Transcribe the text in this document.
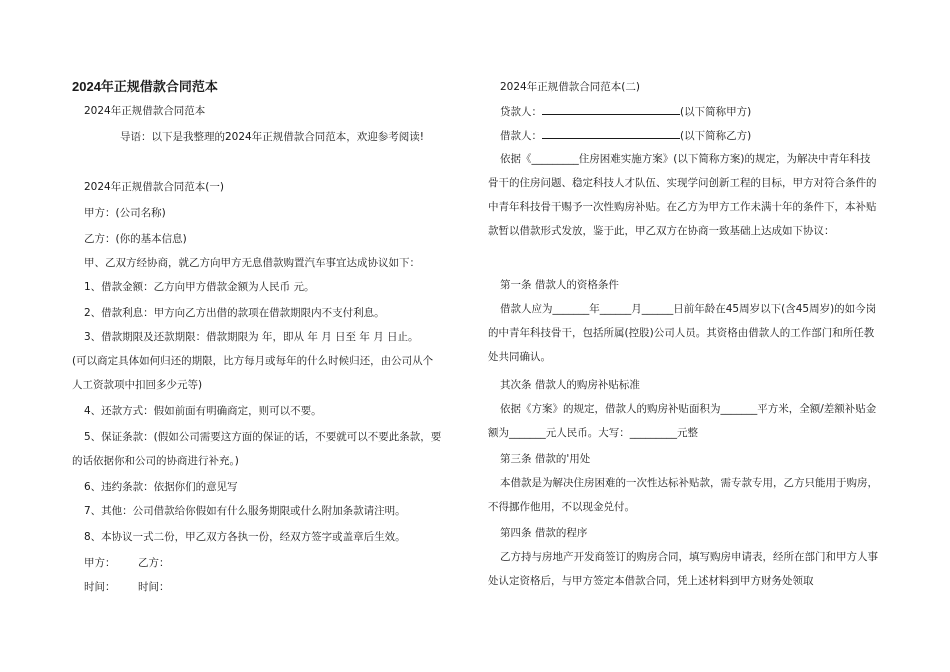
2024年正规借款合同范本
2024年正规借款合同范本
导语：以下是我整理的2024年正规借款合同范本，欢迎参考阅读!
2024年正规借款合同范本(一)
甲方：(公司名称)
乙方：(你的基本信息)
甲、乙双方经协商，就乙方向甲方无息借款购置汽车事宜达成协议如下：
1、借款金额：乙方向甲方借款金额为人民币 元。
2、借款利息：甲方向乙方出借的款项在借款期限内不支付利息。
3、借款期限及还款期限：借款期限为 年，即从 年 月 日至 年 月 日止。
(可以商定具体如何归还的期限，比方每月或每年的什么时候归还，由公司从个
人工资款项中扣回多少元等)
4、还款方式：假如前面有明确商定，则可以不要。
5、保证条款：(假如公司需要这方面的保证的话，不要就可以不要此条款，要
的话依据你和公司的协商进行补充。)
6、违约条款：依据你们的意见写
7、其他：公司借款给你假如有什么服务期限或什么附加条款请注明。
8、本协议一式二份，甲乙双方各执一份，经双方签字或盖章后生效。
甲方： 乙方：
时间： 时间：
2024年正规借款合同范本(二)
贷款人：	(以下简称甲方)
借款人：	(以下简称乙方)
依据《_________住房困难实施方案》(以下简称方案)的规定，为解决中青年科技骨干的住房问题、稳定科技人才队伍、实现学问创新工程的目标，甲方对符合条件的中青年科技骨干赐予一次性购房补贴。在乙方为甲方工作未满十年的条件下，本补贴款暂以借款形式发放，鉴于此，甲乙双方在协商一致基础上达成如下协议：
第一条 借款人的资格条件
借款人应为_______年______月______日前年龄在45周岁以下(含45周岁)的如今岗的中青年科技骨干，包括所属(控股)公司人员。其资格由借款人的工作部门和所任教处共同确认。
其次条 借款人的购房补贴标准
依据《方案》的规定，借款人的购房补贴面积为_______平方米，全额/差额补贴金额为_______元人民币。大写：_________元整
第三条 借款的'用处
本借款是为解决住房困难的一次性达标补贴款，需专款专用，乙方只能用于购房，不得挪作他用，不以现金兑付。
第四条 借款的程序
乙方持与房地产开发商签订的购房合同，填写购房申请表，经所在部门和甲方人事处认定资格后，与甲方签定本借款合同，凭上述材料到甲方财务处领取
